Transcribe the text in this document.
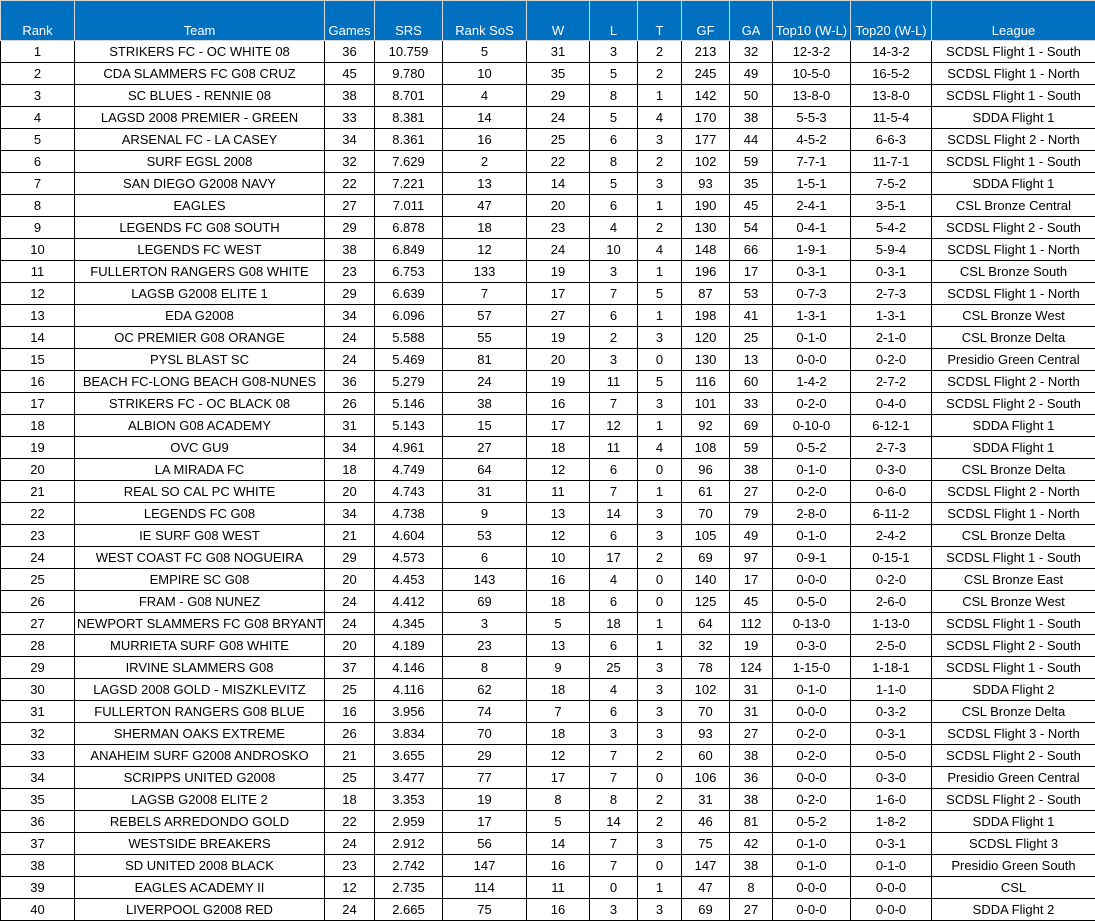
Rank	Team	Games	SRS	Rank SoS	W	L	T	GF	GA	Top10 (W-L)	Top20 (W-L)	League
1	STRIKERS FC - OC WHITE 08	36	10.759	5	31	3	2	213	32	12-3-2	14-3-2	SCDSL Flight 1 - South
2	CDA SLAMMERS FC G08 CRUZ	45	9.780	10	35	5	2	245	49	10-5-0	16-5-2	SCDSL Flight 1 - North
3	SC BLUES - RENNIE 08	38	8.701	4	29	8	1	142	50	13-8-0	13-8-0	SCDSL Flight 1 - South
4	LAGSD 2008 PREMIER - GREEN	33	8.381	14	24	5	4	170	38	5-5-3	11-5-4	SDDA Flight 1
5	ARSENAL FC - LA CASEY	34	8.361	16	25	6	3	177	44	4-5-2	6-6-3	SCDSL Flight 2 - North
6	SURF EGSL 2008	32	7.629	2	22	8	2	102	59	7-7-1	11-7-1	SCDSL Flight 1 - South
7	SAN DIEGO G2008 NAVY	22	7.221	13	14	5	3	93	35	1-5-1	7-5-2	SDDA Flight 1
8	EAGLES	27	7.011	47	20	6	1	190	45	2-4-1	3-5-1	CSL Bronze Central
9	LEGENDS FC G08 SOUTH	29	6.878	18	23	4	2	130	54	0-4-1	5-4-2	SCDSL Flight 2 - South
10	LEGENDS FC WEST	38	6.849	12	24	10	4	148	66	1-9-1	5-9-4	SCDSL Flight 1 - North
11	FULLERTON RANGERS G08 WHITE	23	6.753	133	19	3	1	196	17	0-3-1	0-3-1	CSL Bronze South
12	LAGSB G2008 ELITE 1	29	6.639	7	17	7	5	87	53	0-7-3	2-7-3	SCDSL Flight 1 - North
13	EDA G2008	34	6.096	57	27	6	1	198	41	1-3-1	1-3-1	CSL Bronze West
14	OC PREMIER G08 ORANGE	24	5.588	55	19	2	3	120	25	0-1-0	2-1-0	CSL Bronze Delta
15	PYSL BLAST SC	24	5.469	81	20	3	0	130	13	0-0-0	0-2-0	Presidio Green Central
16	BEACH FC-LONG BEACH G08-NUNES	36	5.279	24	19	11	5	116	60	1-4-2	2-7-2	SCDSL Flight 2 - North
17	STRIKERS FC - OC BLACK 08	26	5.146	38	16	7	3	101	33	0-2-0	0-4-0	SCDSL Flight 2 - South
18	ALBION G08 ACADEMY	31	5.143	15	17	12	1	92	69	0-10-0	6-12-1	SDDA Flight 1
19	OVC GU9	34	4.961	27	18	11	4	108	59	0-5-2	2-7-3	SDDA Flight 1
20	LA MIRADA FC	18	4.749	64	12	6	0	96	38	0-1-0	0-3-0	CSL Bronze Delta
21	REAL SO CAL PC WHITE	20	4.743	31	11	7	1	61	27	0-2-0	0-6-0	SCDSL Flight 2 - North
22	LEGENDS FC G08	34	4.738	9	13	14	3	70	79	2-8-0	6-11-2	SCDSL Flight 1 - North
23	IE SURF G08 WEST	21	4.604	53	12	6	3	105	49	0-1-0	2-4-2	CSL Bronze Delta
24	WEST COAST FC G08 NOGUEIRA	29	4.573	6	10	17	2	69	97	0-9-1	0-15-1	SCDSL Flight 1 - South
25	EMPIRE SC G08	20	4.453	143	16	4	0	140	17	0-0-0	0-2-0	CSL Bronze East
26	FRAM - G08 NUNEZ	24	4.412	69	18	6	0	125	45	0-5-0	2-6-0	CSL Bronze West
27	NEWPORT SLAMMERS FC G08 BRYANT	24	4.345	3	5	18	1	64	112	0-13-0	1-13-0	SCDSL Flight 1 - South
28	MURRIETA SURF G08 WHITE	20	4.189	23	13	6	1	32	19	0-3-0	2-5-0	SCDSL Flight 2 - South
29	IRVINE SLAMMERS G08	37	4.146	8	9	25	3	78	124	1-15-0	1-18-1	SCDSL Flight 1 - South
30	LAGSD 2008 GOLD - MISZKLEVITZ	25	4.116	62	18	4	3	102	31	0-1-0	1-1-0	SDDA Flight 2
31	FULLERTON RANGERS G08 BLUE	16	3.956	74	7	6	3	70	31	0-0-0	0-3-2	CSL Bronze Delta
32	SHERMAN OAKS EXTREME	26	3.834	70	18	3	3	93	27	0-2-0	0-3-1	SCDSL Flight 3 - North
33	ANAHEIM SURF G2008 ANDROSKO	21	3.655	29	12	7	2	60	38	0-2-0	0-5-0	SCDSL Flight 2 - South
34	SCRIPPS UNITED G2008	25	3.477	77	17	7	0	106	36	0-0-0	0-3-0	Presidio Green Central
35	LAGSB G2008 ELITE 2	18	3.353	19	8	8	2	31	38	0-2-0	1-6-0	SCDSL Flight 2 - South
36	REBELS ARREDONDO GOLD	22	2.959	17	5	14	2	46	81	0-5-2	1-8-2	SDDA Flight 1
37	WESTSIDE BREAKERS	24	2.912	56	14	7	3	75	42	0-1-0	0-3-1	SCDSL Flight 3
38	SD UNITED 2008 BLACK	23	2.742	147	16	7	0	147	38	0-1-0	0-1-0	Presidio Green South
39	EAGLES ACADEMY II	12	2.735	114	11	0	1	47	8	0-0-0	0-0-0	CSL
40	LIVERPOOL G2008 RED	24	2.665	75	16	3	3	69	27	0-0-0	0-0-0	SDDA Flight 2
